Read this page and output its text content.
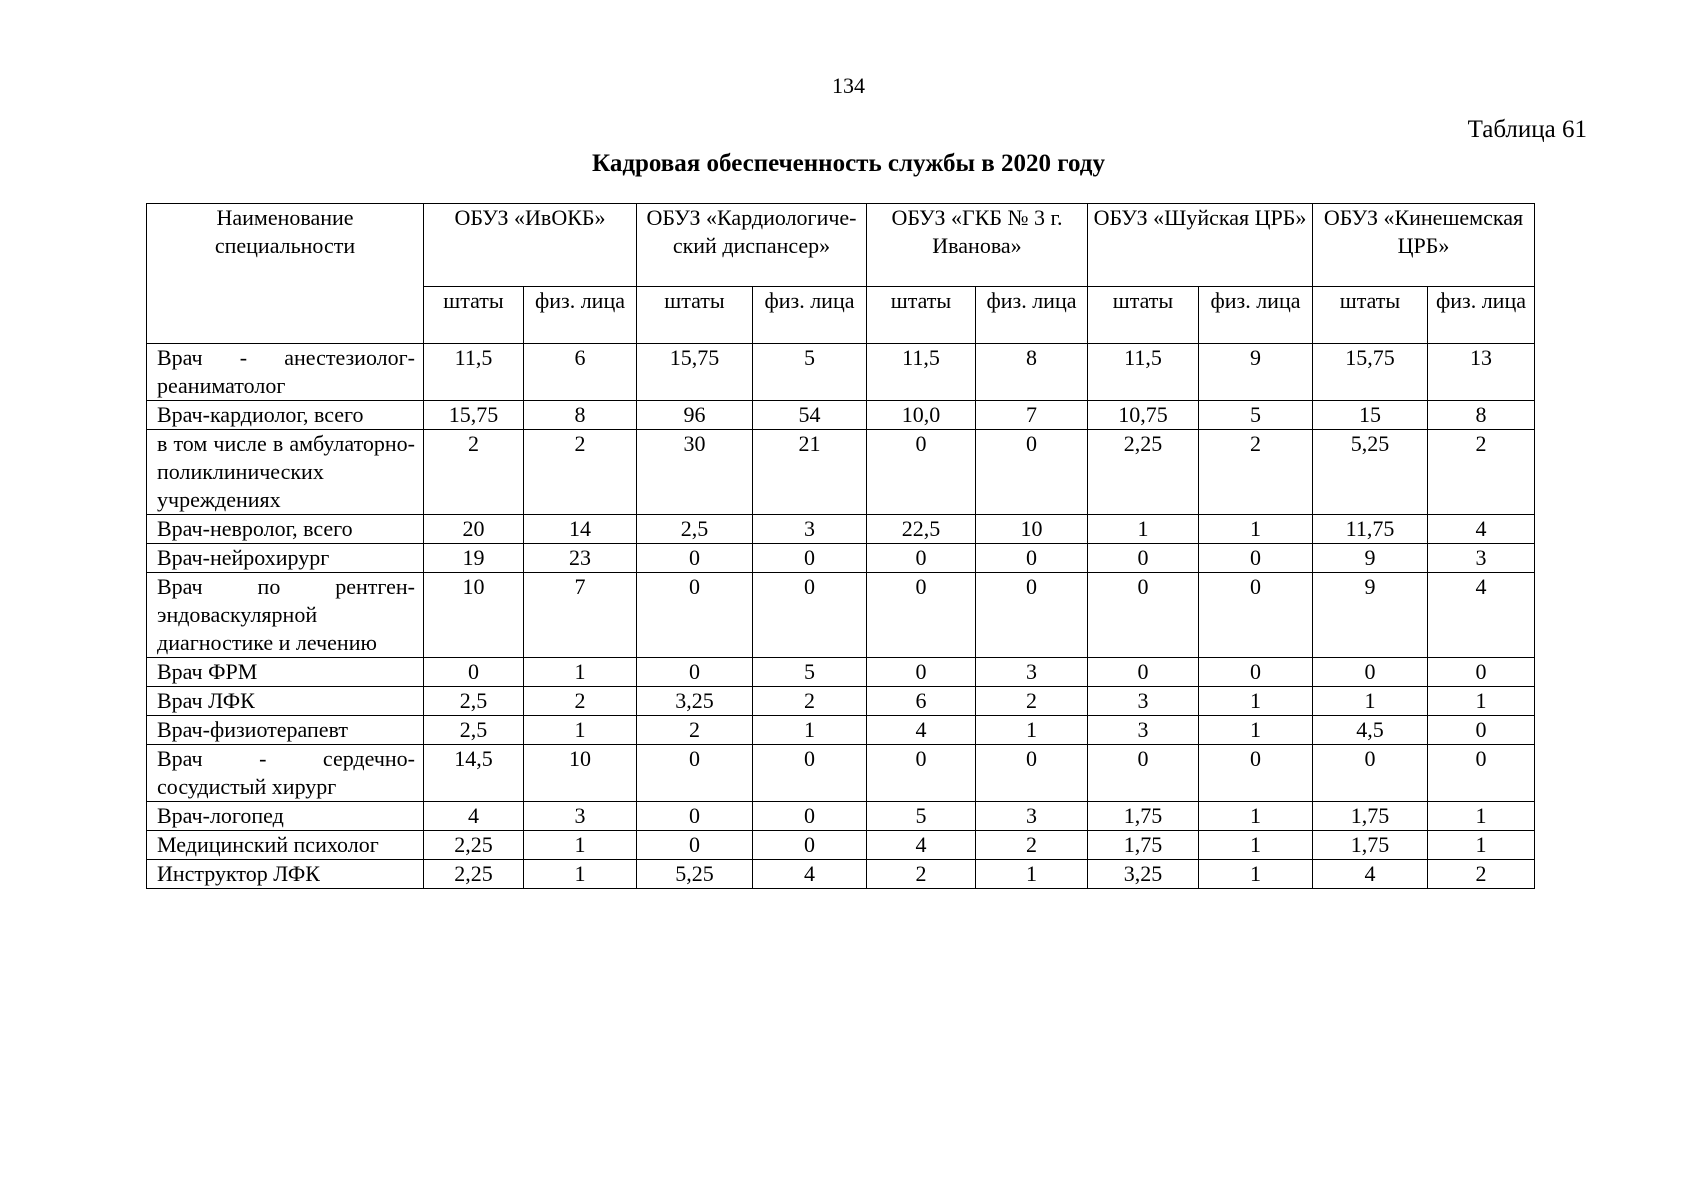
134
Таблица 61
Кадровая обеспеченность службы в 2020 году
Наименование специальности	ОБУЗ «ИвОКБ»		ОБУЗ «Кардиологиче-ский диспансер»		ОБУЗ «ГКБ № 3 г. Иванова»		ОБУЗ «Шуйская ЦРБ»		ОБУЗ «Кинешемская ЦРБ»	
	штаты	физ. лица	штаты	физ. лица	штаты	физ. лица	штаты	физ. лица	штаты	физ. лица
Врач - анестезиолог-реаниматолог	11,5	6	15,75	5	11,5	8	11,5	9	15,75	13
Врач-кардиолог, всего	15,75	8	96	54	10,0	7	10,75	5	15	8
в том числе в амбулаторно-поликлинических учреждениях	2	2	30	21	0	0	2,25	2	5,25	2
Врач-невролог, всего	20	14	2,5	3	22,5	10	1	1	11,75	4
Врач-нейрохирург	19	23	0	0	0	0	0	0	9	3
Врач по рентген-эндоваскулярной диагностике и лечению	10	7	0	0	0	0	0	0	9	4
Врач ФРМ	0	1	0	5	0	3	0	0	0	0
Врач ЛФК	2,5	2	3,25	2	6	2	3	1	1	1
Врач-физиотерапевт	2,5	1	2	1	4	1	3	1	4,5	0
Врач - сердечно-сосудистый хирург	14,5	10	0	0	0	0	0	0	0	0
Врач-логопед	4	3	0	0	5	3	1,75	1	1,75	1
Медицинский психолог	2,25	1	0	0	4	2	1,75	1	1,75	1
Инструктор ЛФК	2,25	1	5,25	4	2	1	3,25	1	4	2
